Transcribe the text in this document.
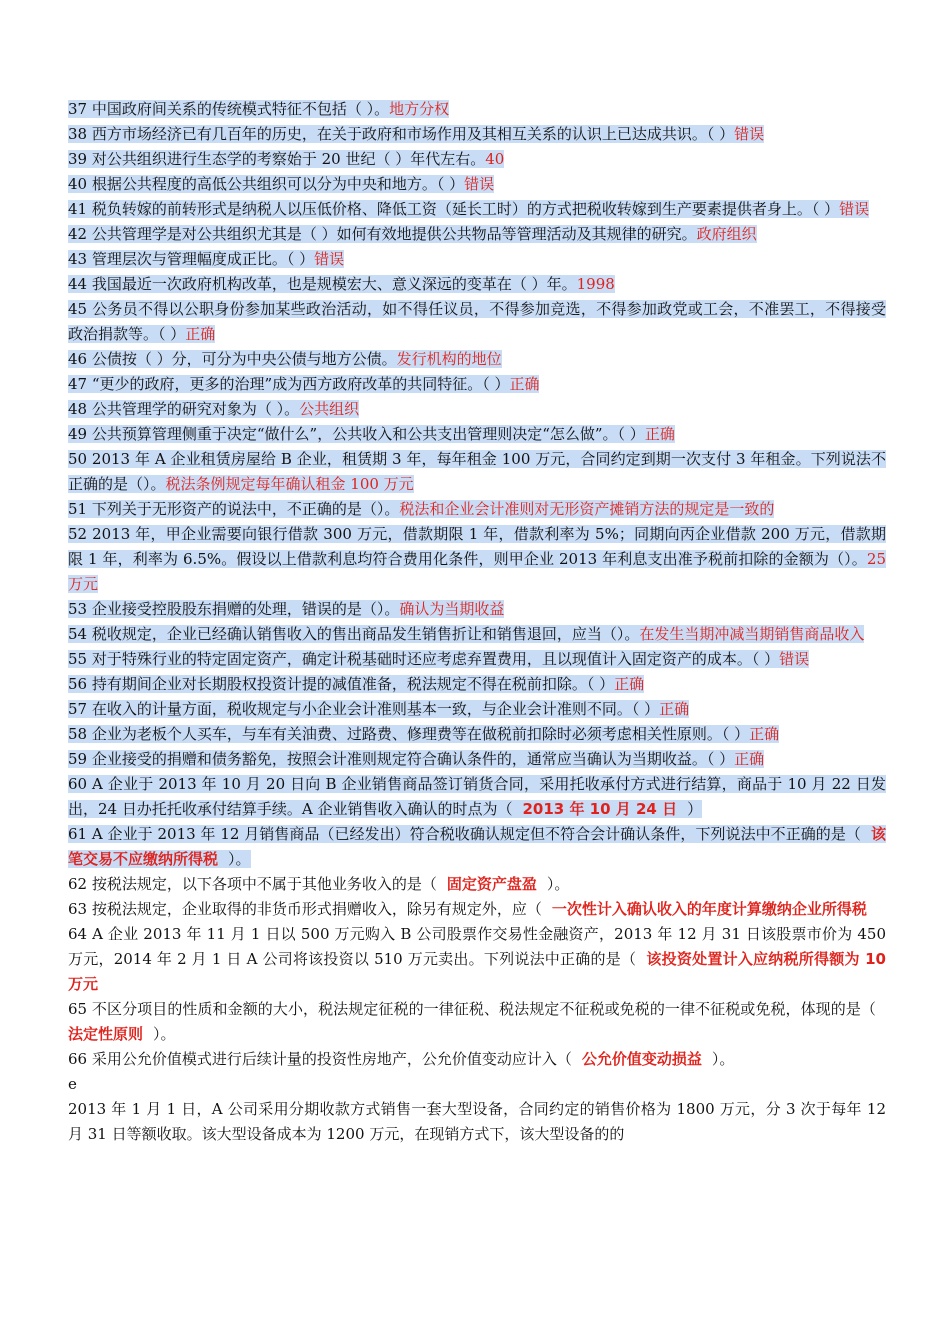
37 中国政府间关系的传统模式特征不包括（ ）。地方分权
38 西方市场经济已有几百年的历史，在关于政府和市场作用及其相互关系的认识上已达成共识。（ ）错误
39 对公共组织进行生态学的考察始于 20 世纪（ ）年代左右。40
40 根据公共程度的高低公共组织可以分为中央和地方。（ ）错误
41 税负转嫁的前转形式是纳税人以压低价格、降低工资（延长工时）的方式把税收转嫁到生产要素提供者身上。（ ）错误
42 公共管理学是对公共组织尤其是（ ）如何有效地提供公共物品等管理活动及其规律的研究。政府组织
43 管理层次与管理幅度成正比。（ ）错误
44 我国最近一次政府机构改革，也是规模宏大、意义深远的变革在（ ）年。1998
45 公务员不得以公职身份参加某些政治活动，如不得任议员，不得参加竞选，不得参加政党或工会，不准罢工，不得接受政治捐款等。（ ）正确
46 公债按（ ）分，可分为中央公债与地方公债。发行机构的地位
47 “更少的政府，更多的治理”成为西方政府改革的共同特征。（ ）正确
48 公共管理学的研究对象为（ ）。公共组织
49 公共预算管理侧重于决定“做什么”，公共收入和公共支出管理则决定“怎么做”。（ ）正确
50 2013 年 A 企业租赁房屋给 B 企业，租赁期 3 年，每年租金 100 万元，合同约定到期一次支付 3 年租金。下列说法不正确的是（）。税法条例规定每年确认租金 100 万元
51 下列关于无形资产的说法中，不正确的是（）。税法和企业会计准则对无形资产摊销方法的规定是一致的
52 2013 年，甲企业需要向银行借款 300 万元，借款期限 1 年，借款利率为 5%；同期向丙企业借款 200 万元，借款期限 1 年，利率为 6.5%。假设以上借款利息均符合费用化条件，则甲企业 2013 年利息支出准予税前扣除的金额为（）。25 万元
53 企业接受控股股东捐赠的处理，错误的是（）。确认为当期收益
54 税收规定，企业已经确认销售收入的售出商品发生销售折让和销售退回，应当（）。在发生当期冲减当期销售商品收入
55 对于特殊行业的特定固定资产，确定计税基础时还应考虑弃置费用，且以现值计入固定资产的成本。（ ）错误
56 持有期间企业对长期股权投资计提的减值准备，税法规定不得在税前扣除。（ ）正确
57 在收入的计量方面，税收规定与小企业会计准则基本一致，与企业会计准则不同。（ ）正确
58 企业为老板个人买车，与车有关油费、过路费、修理费等在做税前扣除时必须考虑相关性原则。（ ）正确
59 企业接受的捐赠和债务豁免，按照会计准则规定符合确认条件的，通常应当确认为当期收益。（ ）正确
60 A 企业于 2013 年 10 月 20 日向 B 企业销售商品签订销货合同，采用托收承付方式进行结算，商品于 10 月 22 日发出，24 日办托托收承付结算手续。A 企业销售收入确认的时点为（ 2013 年 10 月 24 日 ）
61 A 企业于 2013 年 12 月销售商品（已经发出）符合税收确认规定但不符合会计确认条件，下列说法中不正确的是（ 该笔交易不应缴纳所得税 ）。
62 按税法规定，以下各项中不属于其他业务收入的是（ 固定资产盘盈 ）。
63 按税法规定，企业取得的非货币形式捐赠收入，除另有规定外，应（ 一次性计入确认收入的年度计算缴纳企业所得税
64 A 企业 2013 年 11 月 1 日以 500 万元购入 B 公司股票作交易性金融资产，2013 年 12 月 31 日该股票市价为 450 万元，2014 年 2 月 1 日 A 公司将该投资以 510 万元卖出。下列说法中正确的是（ 该投资处置计入应纳税所得额为 10 万元
65 不区分项目的性质和金额的大小，税法规定征税的一律征税、税法规定不征税或免税的一律不征税或免税，体现的是（法定性原则 ）。
66 采用公允价值模式进行后续计量的投资性房地产，公允价值变动应计入（ 公允价值变动损益 ）。
e
2013 年 1 月 1 日，A 公司采用分期收款方式销售一套大型设备，合同约定的销售价格为 1800 万元，分 3 次于每年 12 月 31 日等额收取。该大型设备成本为 1200 万元，在现销方式下，该大型设备的的
